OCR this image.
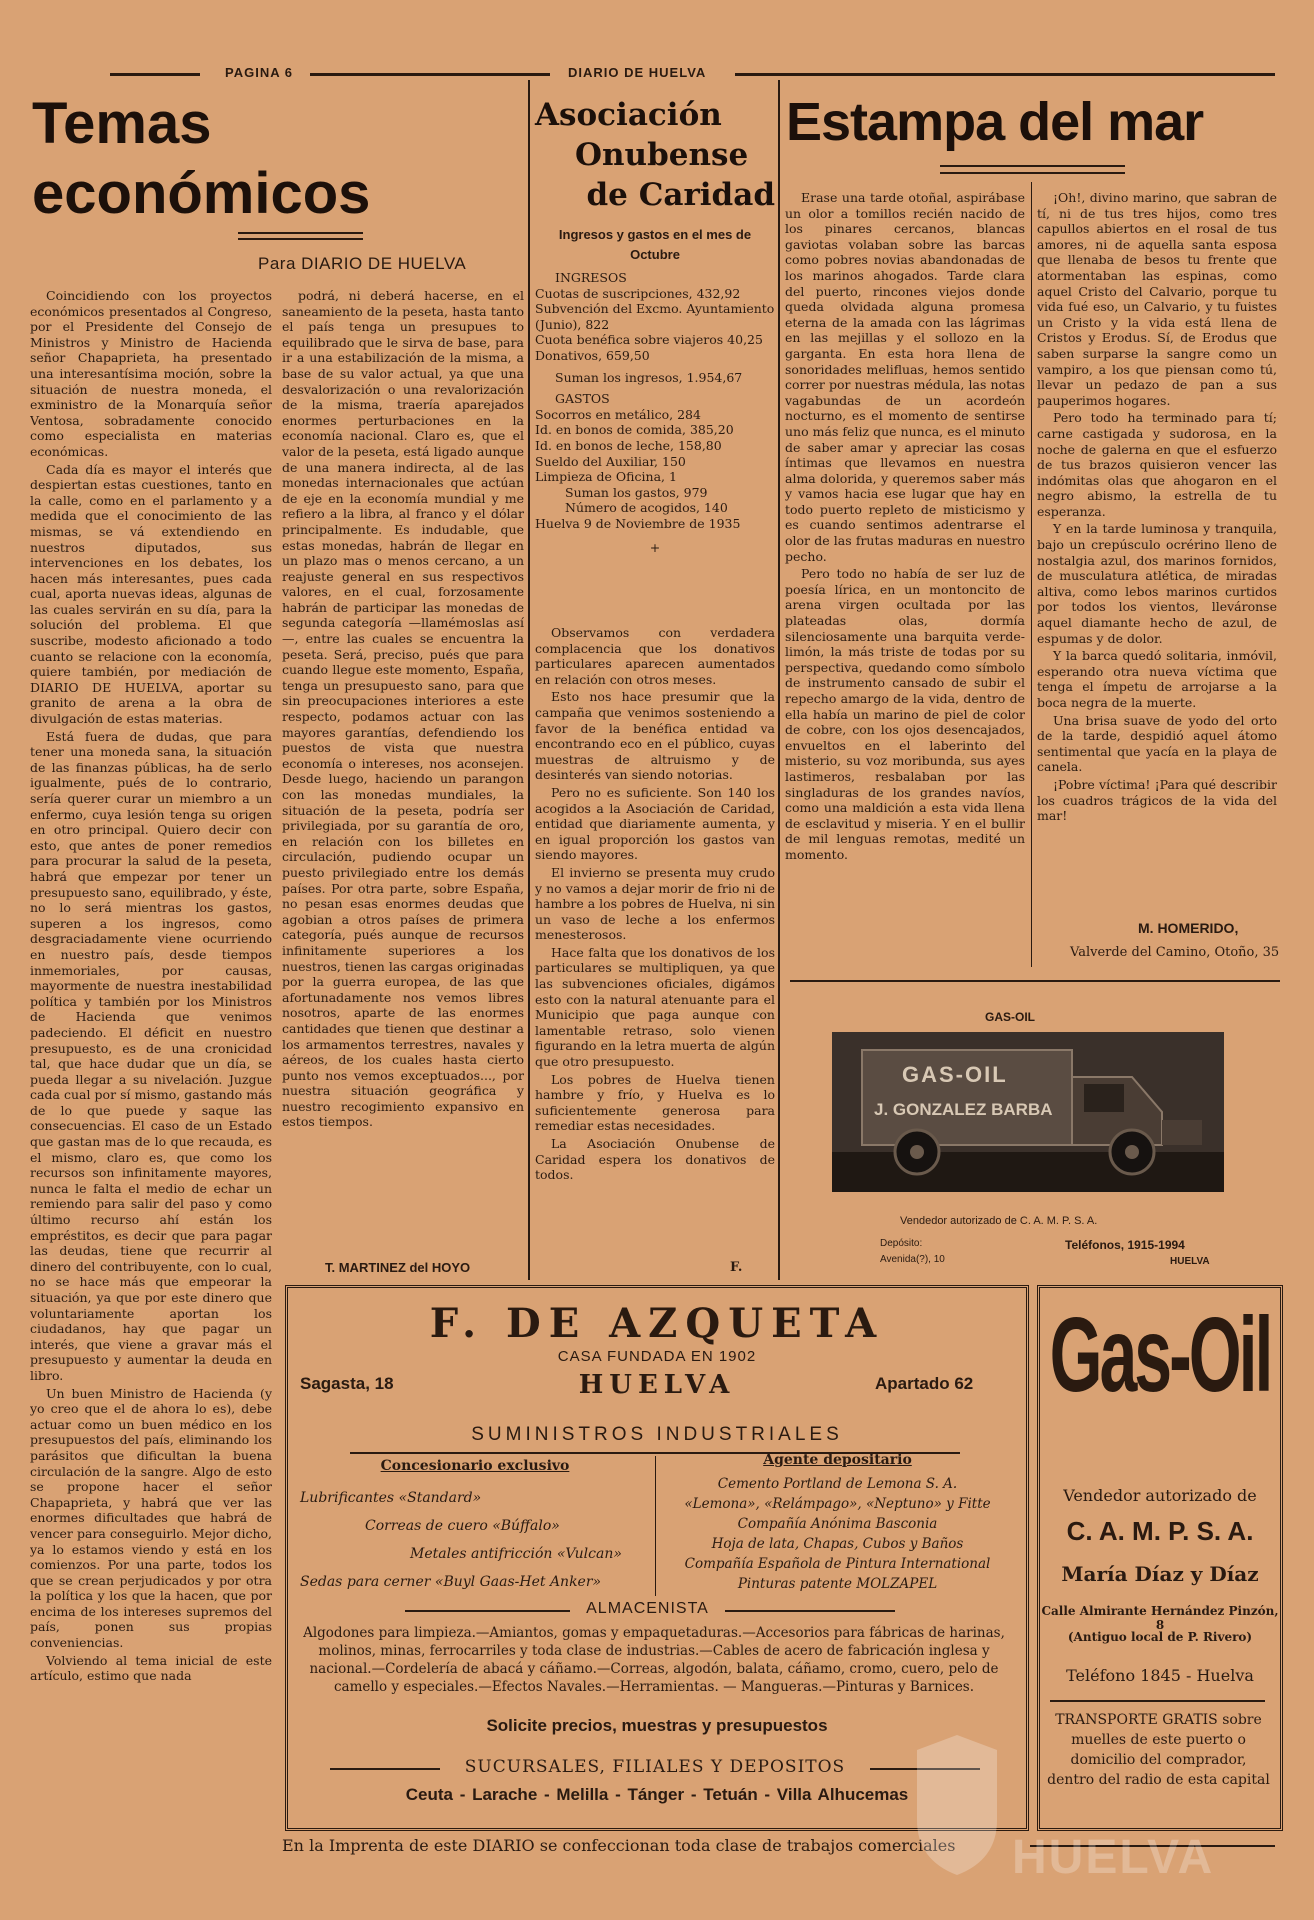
PAGINA 6	DIARIO DE HUELVA
Temas
económicos
Para DIARIO DE HUELVA

Coincidiendo con los proyectos económicos presentados al Congreso, por el Presidente del Consejo de Ministros y Ministro de Hacienda señor Chapaprieta, ha presentado una interesantísima moción, sobre la situación de nuestra moneda, el exministro de la Monarquía señor Ventosa, sobradamente conocido como especialista en materias económicas.

Cada día es mayor el interés que despiertan estas cuestiones, tanto en la calle, como en el parlamento y a medida que el conocimiento de las mismas, se vá extendiendo en nuestros diputados, sus intervenciones en los debates, los hacen más interesantes, pues cada cual, aporta nuevas ideas, algunas de las cuales servirán en su día, para la solución del problema. El que suscribe, modesto aficionado a todo cuanto se relacione con la economía, quiere también, por mediación de DIARIO DE HUELVA, aportar su granito de arena a la obra de divulgación de estas materias.

Está fuera de dudas, que para tener una moneda sana, la situación de las finanzas públicas, ha de serlo igualmente, pués de lo contrario, sería querer curar un miembro a un enfermo, cuya lesión tenga su origen en otro principal. Quiero decir con esto, que antes de poner remedios para procurar la salud de la peseta, habrá que empezar por tener un presupuesto sano, equilibrado, y éste, no lo será mientras los gastos, superen a los ingresos, como desgraciadamente viene ocurriendo en nuestro país, desde tiempos inmemoriales, por causas, mayormente de nuestra inestabilidad política y también por los Ministros de Hacienda que venimos padeciendo. El déficit en nuestro presupuesto, es de una cronicidad tal, que hace dudar que un día, se pueda llegar a su nivelación. Juzgue cada cual por sí mismo, gastando más de lo que puede y saque las consecuencias. El caso de un Estado que gastan mas de lo que recauda, es el mismo, claro es, que como los recursos son infinitamente mayores, nunca le falta el medio de echar un remiendo para salir del paso y como último recurso ahí están los empréstitos, es decir que para pagar las deudas, tiene que recurrir al dinero del contribuyente, con lo cual, no se hace más que empeorar la situación, ya que por este dinero que voluntariamente aportan los ciudadanos, hay que pagar un interés, que viene a gravar más el presupuesto y aumentar la deuda en libro.

Un buen Ministro de Hacienda (y yo creo que el de ahora lo es), debe actuar como un buen médico en los presupuestos del país, eliminando los parásitos que dificultan la buena circulación de la sangre. Algo de esto se propone hacer el señor Chapaprieta, y habrá que ver las enormes dificultades que habrá de vencer para conseguirlo. Mejor dicho, ya lo estamos viendo y está en los comienzos. Por una parte, todos los que se crean perjudicados y por otra la política y los que la hacen, que por encima de los intereses supremos del país, ponen sus propias conveniencias.

Volviendo al tema inicial de este artículo, estimo que nada

podrá, ni deberá hacerse, en el saneamiento de la peseta, hasta tanto el país tenga un presupues to equilibrado que le sirva de base, para ir a una estabilización de la misma, a base de su valor actual, ya que una desvalorización o una revalorización de la misma, traería aparejados enormes perturbaciones en la economía nacional. Claro es, que el valor de la peseta, está ligado aunque de una manera indirecta, al de las monedas internacionales que actúan de eje en la economía mundial y me refiero a la libra, al franco y el dólar principalmente. Es indudable, que estas monedas, habrán de llegar en un plazo mas o menos cercano, a un reajuste general en sus respectivos valores, en el cual, forzosamente habrán de participar las monedas de segunda categoría —llamémoslas así—, entre las cuales se encuentra la peseta. Será, preciso, pués que para cuando llegue este momento, España, tenga un presupuesto sano, para que sin preocupaciones interiores a este respecto, podamos actuar con las mayores garantías, defendiendo los puestos de vista que nuestra economía o intereses, nos aconsejen. Desde luego, haciendo un parangon con las monedas mundiales, la situación de la peseta, podría ser privilegiada, por su garantía de oro, en relación con los billetes en circulación, pudiendo ocupar un puesto privilegiado entre los demás países. Por otra parte, sobre España, no pesan esas enormes deudas que agobian a otros países de primera categoría, pués aunque de recursos infinitamente superiores a los nuestros, tienen las cargas originadas por la guerra europea, de las que afortunadamente nos vemos libres nosotros, aparte de las enormes cantidades que tienen que destinar a los armamentos terrestres, navales y aéreos, de los cuales hasta cierto punto nos vemos exceptuados..., por nuestra situación geográfica y nuestro recogimiento expansivo en estos tiempos.

T. MARTINEZ del HOYO
Asociación
Onubense
de Caridad
Ingresos y gastos en el mes de Octubre

INGRESOS

Cuotas de suscripciones, 432,92

Subvención del Excmo. Ayuntamiento (Junio), 822

Cuota benéfica sobre viajeros 40,25

Donativos, 659,50

Suman los ingresos, 1.954,67

GASTOS

Socorros en metálico, 284

Id. en bonos de comida, 385,20

Id. en bonos de leche, 158,80

Sueldo del Auxiliar, 150

Limpieza de Oficina, 1

Suman los gastos, 979

Número de acogidos, 140

Huelva 9 de Noviembre de 1935

+

Observamos con verdadera complacencia que los donativos particulares aparecen aumentados en relación con otros meses.

Esto nos hace presumir que la campaña que venimos sosteniendo a favor de la benéfica entidad va encontrando eco en el público, cuyas muestras de altruismo y de desinterés van siendo notorias.

Pero no es suficiente. Son 140 los acogidos a la Asociación de Caridad, entidad que diariamente aumenta, y en igual proporción los gastos van siendo mayores.

El invierno se presenta muy crudo y no vamos a dejar morir de frio ni de hambre a los pobres de Huelva, ni sin un vaso de leche a los enfermos menesterosos.

Hace falta que los donativos de los particulares se multipliquen, ya que las subvenciones oficiales, digámos esto con la natural atenuante para el Municipio que paga aunque con lamentable retraso, solo vienen figurando en la letra muerta de algún que otro presupuesto.

Los pobres de Huelva tienen hambre y frío, y Huelva es lo suficientemente generosa para remediar estas necesidades.

La Asociación Onubense de Caridad espera los donativos de todos.

F.
Estampa del mar

Erase una tarde otoñal, aspirábase un olor a tomillos recién nacido de los pinares cercanos, blancas gaviotas volaban sobre las barcas como pobres novias abandonadas de los marinos ahogados. Tarde clara del puerto, rincones viejos donde queda olvidada alguna promesa eterna de la amada con las lágrimas en las mejillas y el sollozo en la garganta. En esta hora llena de sonoridades melifluas, hemos sentido correr por nuestras médula, las notas vagabundas de un acordeón nocturno, es el momento de sentirse uno más feliz que nunca, es el minuto de saber amar y apreciar las cosas íntimas que llevamos en nuestra alma dolorida, y queremos saber más y vamos hacia ese lugar que hay en todo puerto repleto de misticismo y es cuando sentimos adentrarse el olor de las frutas maduras en nuestro pecho.

Pero todo no había de ser luz de poesía lírica, en un montoncito de arena virgen ocultada por las plateadas olas, dormía silenciosamente una barquita verde-limón, la más triste de todas por su perspectiva, quedando como símbolo de instrumento cansado de subir el repecho amargo de la vida, dentro de ella había un marino de piel de color de cobre, con los ojos desencajados, envueltos en el laberinto del misterio, su voz moribunda, sus ayes lastimeros, resbalaban por las singladuras de los grandes navíos, como una maldición a esta vida llena de esclavitud y miseria. Y en el bullir de mil lenguas remotas, medité un momento.

¡Oh!, divino marino, que sabran de tí, ni de tus tres hijos, como tres capullos abiertos en el rosal de tus amores, ni de aquella santa esposa que llenaba de besos tu frente que atormentaban las espinas, como aquel Cristo del Calvario, porque tu vida fué eso, un Calvario, y tu fuistes un Cristo y la vida está llena de Cristos y Erodus. Sí, de Erodus que saben surparse la sangre como un vampiro, a los que piensan como tú, llevar un pedazo de pan a sus pauperimos hogares.

Pero todo ha terminado para tí; carne castigada y sudorosa, en la noche de galerna en que el esfuerzo de tus brazos quisieron vencer las indómitas olas que ahogaron en el negro abismo, la estrella de tu esperanza.

Y en la tarde luminosa y tranquila, bajo un crepúsculo ocrérino lleno de nostalgia azul, dos marinos fornidos, de musculatura atlética, de miradas altiva, como lebos marinos curtidos por todos los vientos, lleváronse aquel diamante hecho de azul, de espumas y de dolor.

Y la barca quedó solitaria, inmóvil, esperando otra nueva víctima que tenga el ímpetu de arrojarse a la boca negra de la muerte.

Una brisa suave de yodo del orto de la tarde, despidió aquel átomo sentimental que yacía en la playa de canela.

¡Pobre víctima! ¡Para qué describir los cuadros trágicos de la vida del mar!

M. HOMERIDO,
Valverde del Camino, Otoño, 35
GAS-OIL
GAS-OIL
J. GONZALEZ BARBA
Vendedor autorizado de C. A. M. P. S. A.
Depósito:
Avenida(?), 10
Teléfonos, 1915-1994
HUELVA
F. DE AZQUETA
CASA FUNDADA EN 1902
Sagasta, 18	HUELVA	Apartado 62
SUMINISTROS INDUSTRIALES
Concesionario exclusivo
Lubrificantes «Standard»
Correas de cuero «Búffalo»
Metales antifricción «Vulcan»
Sedas para cerner «Buyl Gaas-Het Anker»
Agente depositario
Cemento Portland de Lemona S. A.
«Lemona», «Relámpago», «Neptuno» y Fitte
Compañía Anónima Basconia
Hoja de lata, Chapas, Cubos y Baños
Compañía Española de Pintura International
Pinturas patente MOLZAPEL
ALMACENISTA
Algodones para limpieza.—Amiantos, gomas y empaquetaduras.—Accesorios para fábricas de harinas, molinos, minas, ferrocarriles y toda clase de industrias.—Cables de acero de fabricación inglesa y nacional.—Cordelería de abacá y cáñamo.—Correas, algodón, balata, cáñamo, cromo, cuero, pelo de camello y especiales.—Efectos Navales.—Herramientas. — Mangueras.—Pinturas y Barnices.
Solicite precios, muestras y presupuestos
SUCURSALES, FILIALES Y DEPOSITOS
Ceuta - Larache - Melilla - Tánger - Tetuán - Villa Alhucemas
Gas-Oil
Vendedor autorizado de
C. A. M. P. S. A.
María Díaz y Díaz
Calle Almirante Hernández Pinzón, 8
(Antiguo local de P. Rivero)
Teléfono 1845 - Huelva
TRANSPORTE GRATIS sobre muelles de este puerto o domicilio del comprador, dentro del radio de esta capital
En la Imprenta de este DIARIO se confeccionan toda clase de trabajos comerciales HUELVA
